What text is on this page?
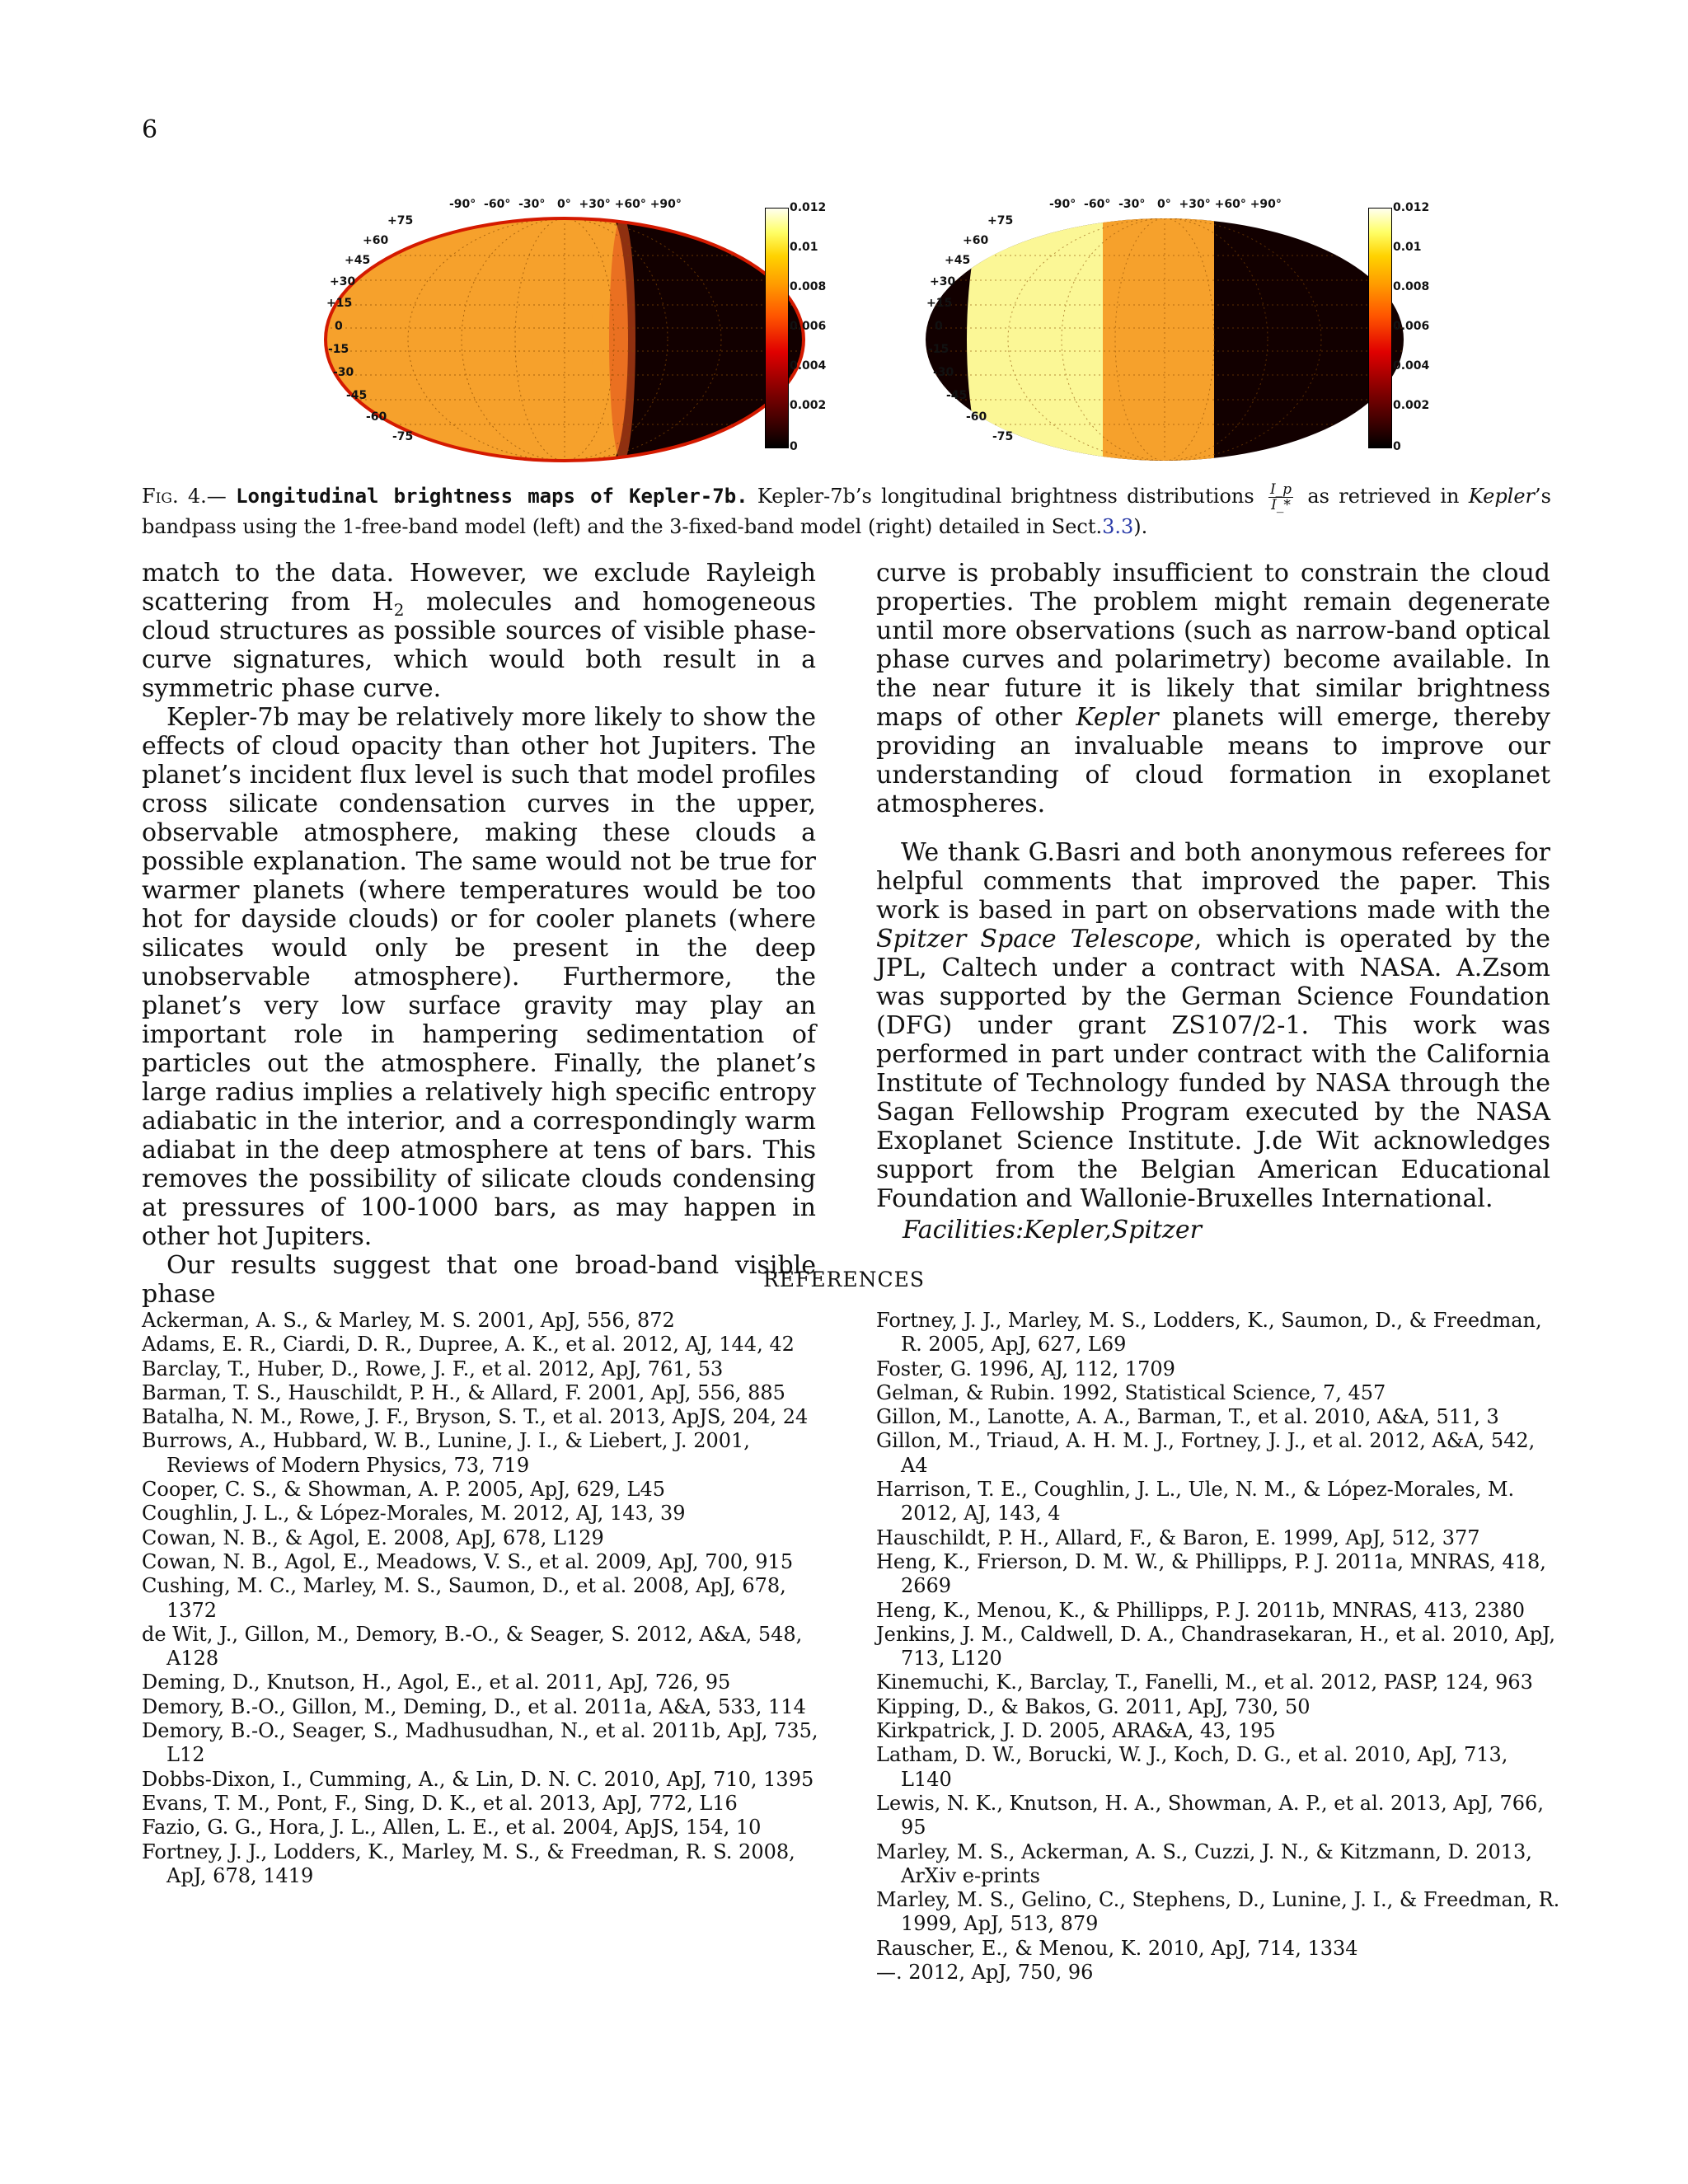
6
-90° -60° -30° 0° +30° +60° +90°
+75
+60
+45
+30
+15
0
-15
-30
-45
-60
-75
0.012
0.01
0.008
0.006
0.004
0.002
0
-90° -60° -30° 0° +30° +60° +90°
+75
+60
+45
+30
+15
0
-15
-30
-45
-60
-75
0.012
0.01
0.008
0.006
0.004
0.002
0
Fig. 4.— Longitudinal brightness maps of Kepler-7b. Kepler-7b’s longitudinal brightness distributions $\frac{I\_p}{I\_*}$ as retrieved in Kepler’s bandpass using the 1-free-band model (left) and the 3-fixed-band model (right) detailed in Sect.3.3).

match to the data. However, we exclude Rayleigh scattering from $H_2$ molecules and homogeneous cloud structures as possible sources of visible phase-curve signatures, which would both result in a symmetric phase curve.

Kepler-7b may be relatively more likely to show the effects of cloud opacity than other hot Jupiters. The planet’s incident flux level is such that model profiles cross silicate condensation curves in the upper, observable atmosphere, making these clouds a possible explanation. The same would not be true for warmer planets (where temperatures would be too hot for dayside clouds) or for cooler planets (where silicates would only be present in the deep unobservable atmosphere). Furthermore, the planet’s very low surface gravity may play an important role in hampering sedimentation of particles out the atmosphere. Finally, the planet’s large radius implies a relatively high specific entropy adiabatic in the interior, and a correspondingly warm adiabat in the deep atmosphere at tens of bars. This removes the possibility of silicate clouds condensing at pressures of 100-1000 bars, as may happen in other hot Jupiters.

Our results suggest that one broad-band visible phase

curve is probably insufficient to constrain the cloud properties. The problem might remain degenerate until more observations (such as narrow-band optical phase curves and polarimetry) become available. In the near future it is likely that similar brightness maps of other Kepler planets will emerge, thereby providing an invaluable means to improve our understanding of cloud formation in exoplanet atmospheres.

We thank G.Basri and both anonymous referees for helpful comments that improved the paper. This work is based in part on observations made with the Spitzer Space Telescope, which is operated by the JPL, Caltech under a contract with NASA. A.Zsom was supported by the German Science Foundation (DFG) under grant ZS107/2-1. This work was performed in part under contract with the California Institute of Technology funded by NASA through the Sagan Fellowship Program executed by the NASA Exoplanet Science Institute. J.de Wit acknowledges support from the Belgian American Educational Foundation and Wallonie-Bruxelles International.

Facilities:Kepler,Spitzer
REFERENCES

Ackerman, A. S., & Marley, M. S. 2001, ApJ, 556, 872

Adams, E. R., Ciardi, D. R., Dupree, A. K., et al. 2012, AJ, 144, 42

Barclay, T., Huber, D., Rowe, J. F., et al. 2012, ApJ, 761, 53

Barman, T. S., Hauschildt, P. H., & Allard, F. 2001, ApJ, 556, 885

Batalha, N. M., Rowe, J. F., Bryson, S. T., et al. 2013, ApJS, 204, 24

Burrows, A., Hubbard, W. B., Lunine, J. I., & Liebert, J. 2001, Reviews of Modern Physics, 73, 719

Cooper, C. S., & Showman, A. P. 2005, ApJ, 629, L45

Coughlin, J. L., & López-Morales, M. 2012, AJ, 143, 39

Cowan, N. B., & Agol, E. 2008, ApJ, 678, L129

Cowan, N. B., Agol, E., Meadows, V. S., et al. 2009, ApJ, 700, 915

Cushing, M. C., Marley, M. S., Saumon, D., et al. 2008, ApJ, 678, 1372

de Wit, J., Gillon, M., Demory, B.-O., & Seager, S. 2012, A&A, 548, A128

Deming, D., Knutson, H., Agol, E., et al. 2011, ApJ, 726, 95

Demory, B.-O., Gillon, M., Deming, D., et al. 2011a, A&A, 533, 114

Demory, B.-O., Seager, S., Madhusudhan, N., et al. 2011b, ApJ, 735, L12

Dobbs-Dixon, I., Cumming, A., & Lin, D. N. C. 2010, ApJ, 710, 1395

Evans, T. M., Pont, F., Sing, D. K., et al. 2013, ApJ, 772, L16

Fazio, G. G., Hora, J. L., Allen, L. E., et al. 2004, ApJS, 154, 10

Fortney, J. J., Lodders, K., Marley, M. S., & Freedman, R. S. 2008, ApJ, 678, 1419

Fortney, J. J., Marley, M. S., Lodders, K., Saumon, D., & Freedman, R. 2005, ApJ, 627, L69

Foster, G. 1996, AJ, 112, 1709

Gelman, & Rubin. 1992, Statistical Science, 7, 457

Gillon, M., Lanotte, A. A., Barman, T., et al. 2010, A&A, 511, 3

Gillon, M., Triaud, A. H. M. J., Fortney, J. J., et al. 2012, A&A, 542, A4

Harrison, T. E., Coughlin, J. L., Ule, N. M., & López-Morales, M. 2012, AJ, 143, 4

Hauschildt, P. H., Allard, F., & Baron, E. 1999, ApJ, 512, 377

Heng, K., Frierson, D. M. W., & Phillipps, P. J. 2011a, MNRAS, 418, 2669

Heng, K., Menou, K., & Phillipps, P. J. 2011b, MNRAS, 413, 2380

Jenkins, J. M., Caldwell, D. A., Chandrasekaran, H., et al. 2010, ApJ, 713, L120

Kinemuchi, K., Barclay, T., Fanelli, M., et al. 2012, PASP, 124, 963

Kipping, D., & Bakos, G. 2011, ApJ, 730, 50

Kirkpatrick, J. D. 2005, ARA&A, 43, 195

Latham, D. W., Borucki, W. J., Koch, D. G., et al. 2010, ApJ, 713, L140

Lewis, N. K., Knutson, H. A., Showman, A. P., et al. 2013, ApJ, 766, 95

Marley, M. S., Ackerman, A. S., Cuzzi, J. N., & Kitzmann, D. 2013, ArXiv e-prints

Marley, M. S., Gelino, C., Stephens, D., Lunine, J. I., & Freedman, R. 1999, ApJ, 513, 879

Rauscher, E., & Menou, K. 2010, ApJ, 714, 1334

—. 2012, ApJ, 750, 96
